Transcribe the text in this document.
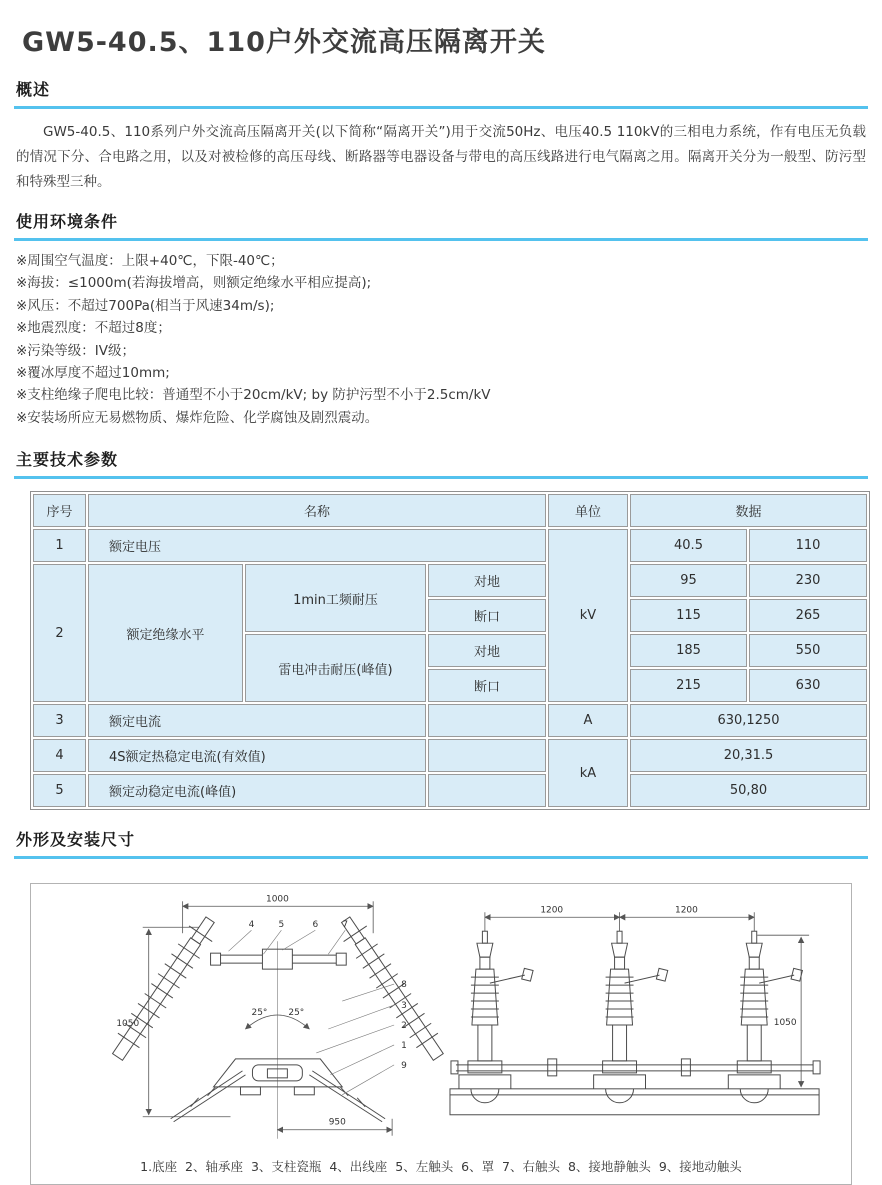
GW5-40.5、110户外交流高压隔离开关
概述

GW5-40.5、110系列户外交流高压隔离开关(以下简称“隔离开关”)用于交流50Hz、电压40.5 110kV的三相电力系统，作有电压无负载的情况下分、合电路之用，以及对被检修的高压母线、断路器等电器设备与带电的高压线路进行电气隔离之用。隔离开关分为一般型、防污型和特殊型三种。

使用环境条件
※周围空气温度：上限+40℃，下限-40℃；
※海拔：≤1000m(若海拔增高，则额定绝缘水平相应提高);
※风压：不超过700Pa(相当于风速34m/s);
※地震烈度：不超过8度；
※污染等级：IV级；
※覆冰厚度不超过10mm;
※支柱绝缘子爬电比较：普通型不小于20cm/kV; by 防护污型不小于2.5cm/kV
※安装场所应无易燃物质、爆炸危险、化学腐蚀及剧烈震动。
主要技术参数
序号	名称			单位	数据	
1	额定电压			kV	40.5	110
2	额定绝缘水平	1min工频耐压	对地		95	230
			断口		115	265
		雷电冲击耐压(峰值)	对地		185	550
			断口		215	630
3	额定电流			A	630,1250	
4	4S额定热稳定电流(有效值)			kA	20,31.5	
5	额定动稳定电流(峰值)				50,80	
外形及安装尺寸
1000
1050
4	5	6	7
25° 25°
8
3
2
1
9
950
1200	1200
1050
1.底座  2、轴承座  3、支柱瓷瓶  4、出线座  5、左触头  6、罩  7、右触头  8、接地静触头  9、接地动触头
